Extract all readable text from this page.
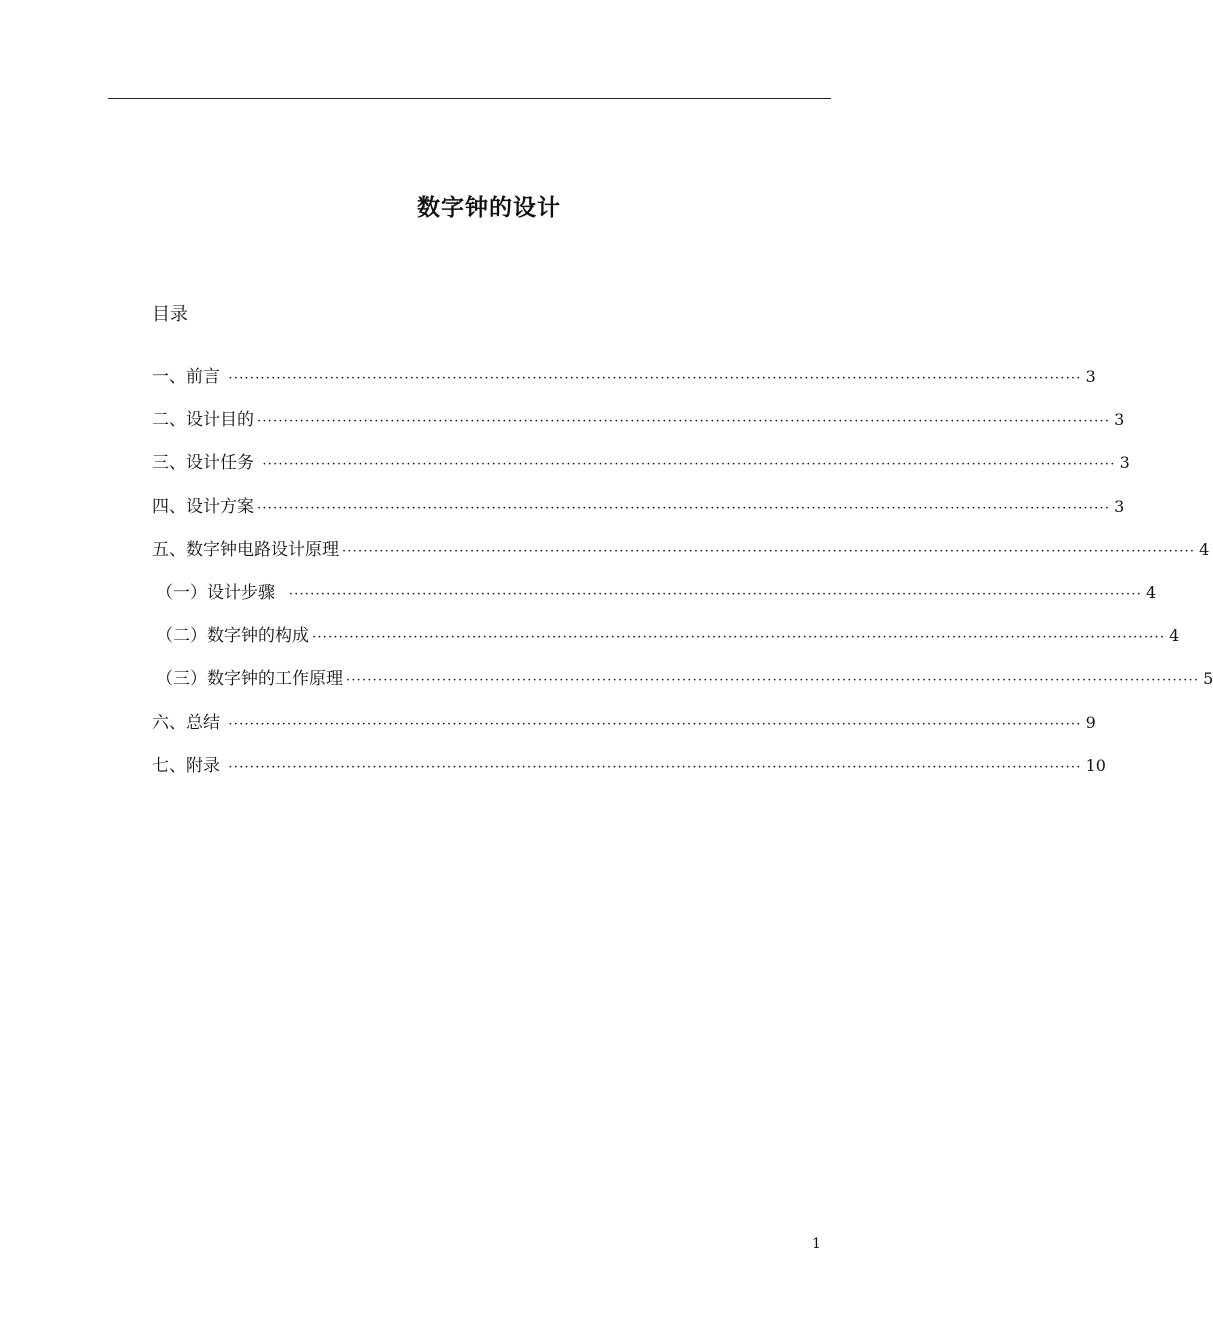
数字钟的设计
目录
一、前言 ································································································································································ 3
二、设计目的 ································································································································································ 3
三、设计任务 ································································································································································ 3
四、设计方案 ································································································································································ 3
五、数字钟电路设计原理 ································································································································································ 4
（一）设计步骤 ································································································································································ 4
（二）数字钟的构成 ································································································································································ 4
（三）数字钟的工作原理 ································································································································································ 5
六、总结 ································································································································································ 9
七、附录 ································································································································································ 10
1
